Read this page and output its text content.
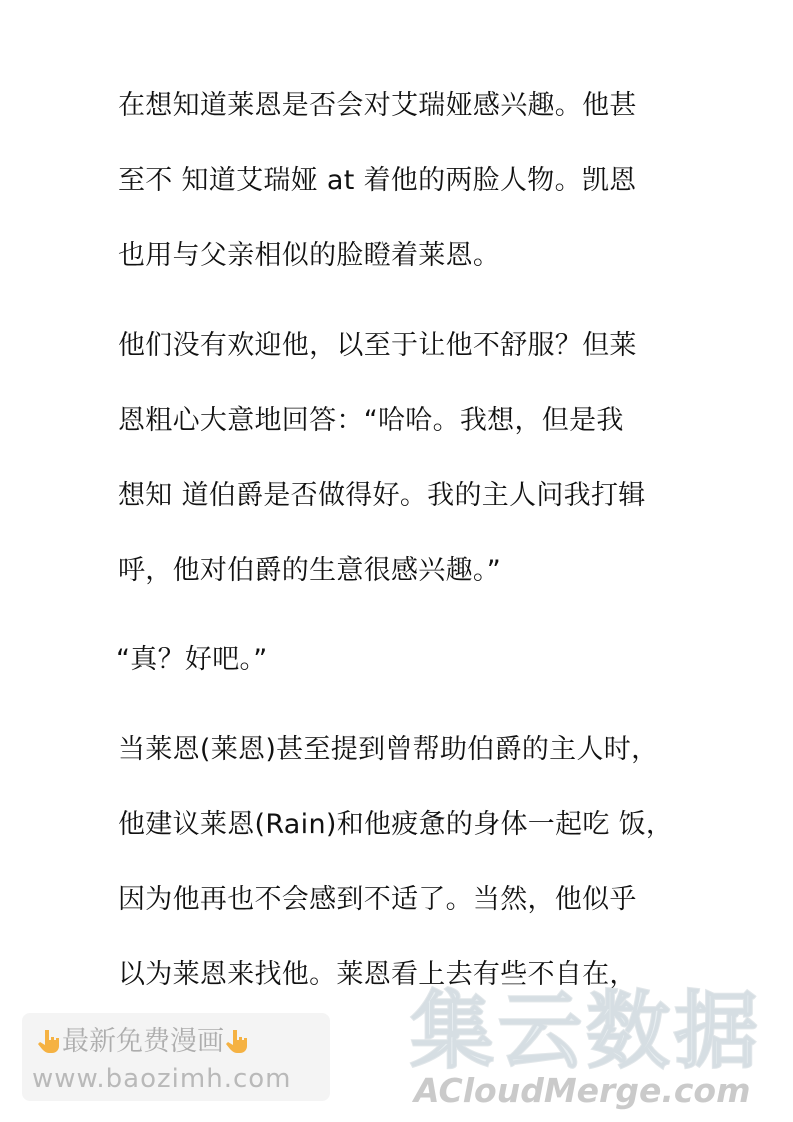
在想知道莱恩是否会对艾瑞娅感兴趣。他甚
至不 知道艾瑞娅 at 着他的两脸人物。凯恩
也用与父亲相似的脸瞪着莱恩。
他们没有欢迎他，以至于让他不舒服？但莱
恩粗心大意地回答：“哈哈。我想，但是我
想知 道伯爵是否做得好。我的主人问我打辑
呼，他对伯爵的生意很感兴趣。”
“真？好吧。”
当莱恩(莱恩)甚至提到曾帮助伯爵的主人时，
他建议莱恩(Rain)和他疲惫的身体一起吃 饭，
因为他再也不会感到不适了。当然，他似乎
以为莱恩来找他。莱恩看上去有些不自在，
最新免费漫画
www.baozimh.com 集云数据
ACloudMerge.com
